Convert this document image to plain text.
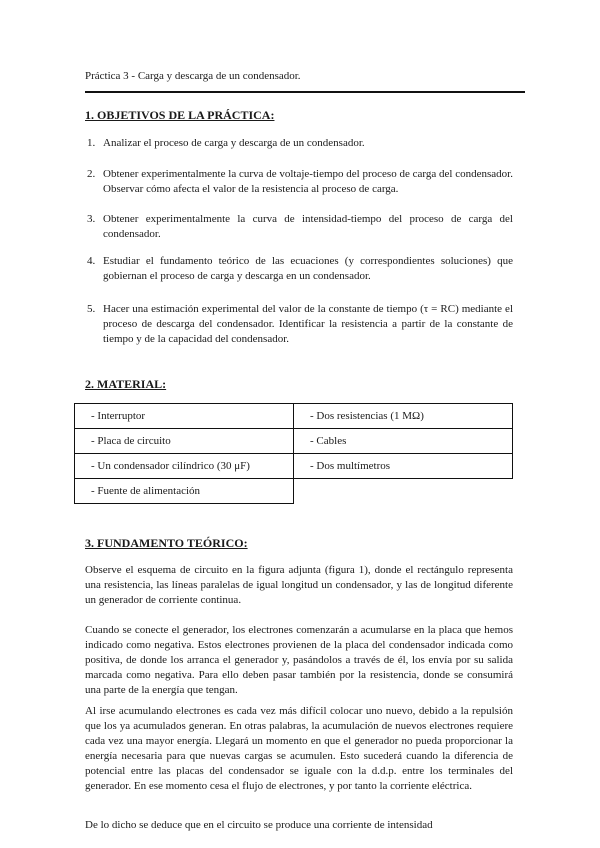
Práctica 3 - Carga y descarga de un condensador.
1. OBJETIVOS DE LA PRÁCTICA:
1. Analizar el proceso de carga y descarga de un condensador.
2. Obtener experimentalmente la curva de voltaje-tiempo del proceso de carga del condensador. Observar cómo afecta el valor de la resistencia al proceso de carga.
3. Obtener experimentalmente la curva de intensidad-tiempo del proceso de carga del condensador.
4. Estudiar el fundamento teórico de las ecuaciones (y correspondientes soluciones) que gobiernan el proceso de carga y descarga en un condensador.
5. Hacer una estimación experimental del valor de la constante de tiempo (τ = RC) mediante el proceso de descarga del condensador. Identificar la resistencia a partir de la constante de tiempo y de la capacidad del condensador.
2. MATERIAL:
- Interruptor	- Dos resistencias (1 MΩ)
- Placa de circuito	- Cables
- Un condensador cilíndrico (30 μF)	- Dos multímetros
- Fuente de alimentación	
3. FUNDAMENTO TEÓRICO:

Observe el esquema de circuito en la figura adjunta (figura 1), donde el rectángulo representa una resistencia, las líneas paralelas de igual longitud un condensador, y las de longitud diferente un generador de corriente continua.

Cuando se conecte el generador, los electrones comenzarán a acumularse en la placa que hemos indicado como negativa. Estos electrones provienen de la placa del condensador indicada como positiva, de donde los arranca el generador y, pasándolos a través de él, los envía por su salida marcada como negativa. Para ello deben pasar también por la resistencia, donde se consumirá una parte de la energía que tengan.

Al irse acumulando electrones es cada vez más difícil colocar uno nuevo, debido a la repulsión que los ya acumulados generan. En otras palabras, la acumulación de nuevos electrones requiere cada vez una mayor energía. Llegará un momento en que el generador no pueda proporcionar la energía necesaria para que nuevas cargas se acumulen. Esto sucederá cuando la diferencia de potencial entre las placas del condensador se iguale con la d.d.p. entre los terminales del generador. En ese momento cesa el flujo de electrones, y por tanto la corriente eléctrica.

De lo dicho se deduce que en el circuito se produce una corriente de intensidad
